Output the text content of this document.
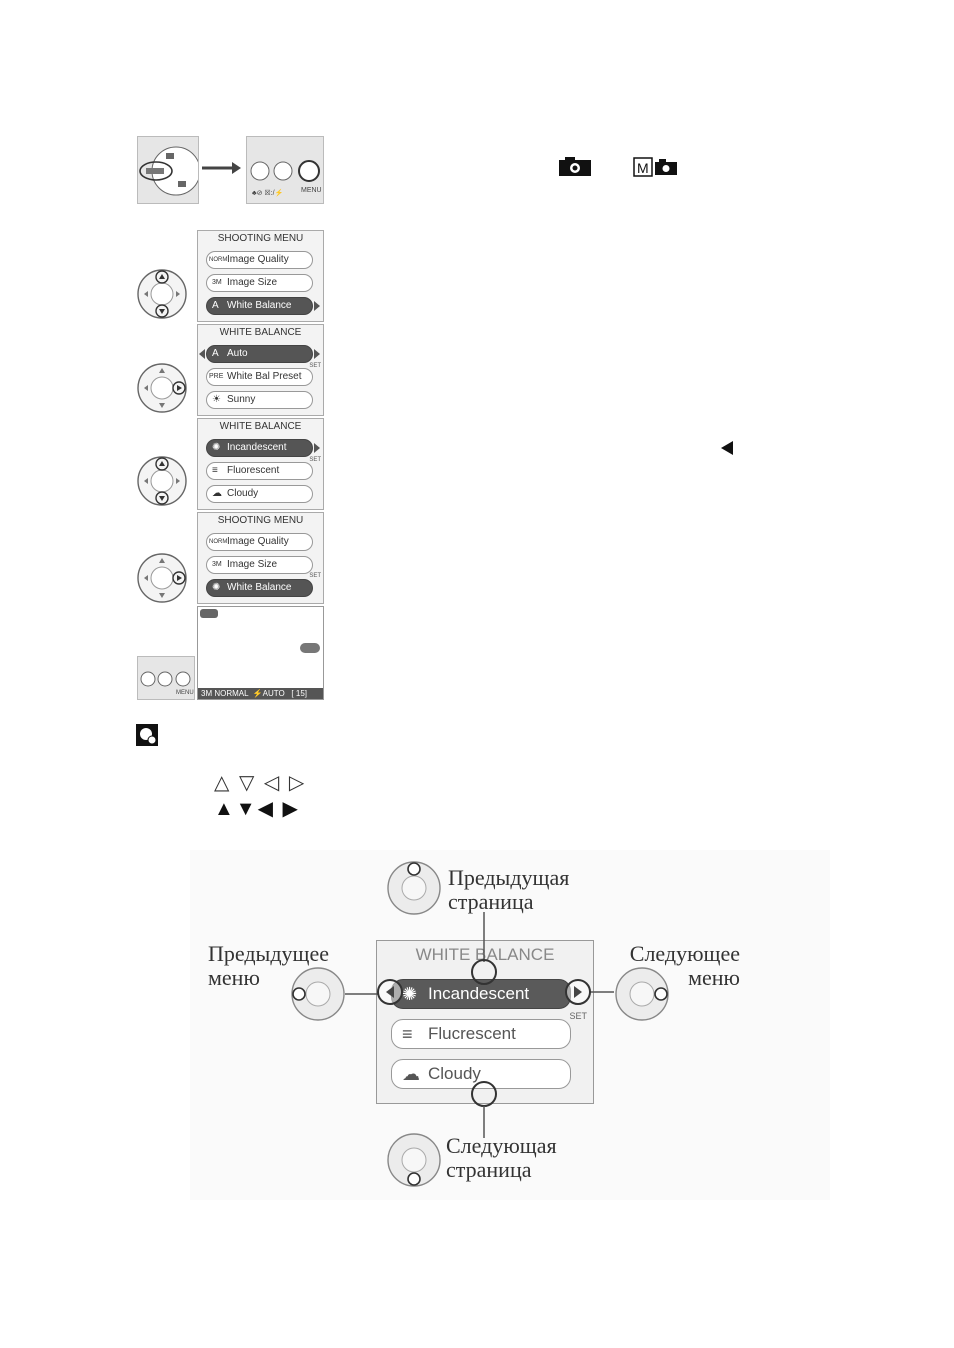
♣⊘ ☒:/⚡	MENU
M
SHOOTING MENU
NORM Image Quality
3M Image Size
A White Balance
WHITE BALANCE
A Auto
SET
PRE White Bal Preset
☀ Sunny
WHITE BALANCE
✺ Incandescent
SET
≡ Fluorescent
☁ Cloudy
SHOOTING MENU
NORM Image Quality
3M Image Size
SET
✺ White Balance
MENU 3M NORMAL  ⚡AUTO   [ 15]
△ ▽ ◁ ▷
▲▼◀ ▶
WHITE BALANCE
✺ Incandescent
SET
≡ Flucrescent
☁ Cloudy
Предыдущая
страница
Предыдущее
меню
Следующее
меню
Следующая
страница
